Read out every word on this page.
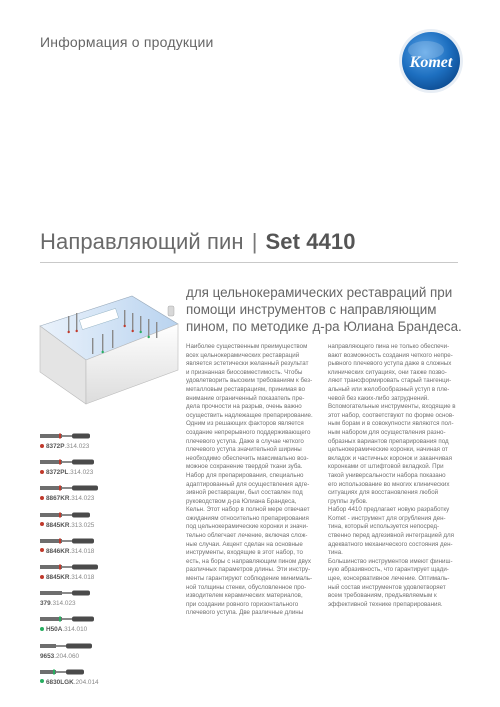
Информация о продукции
Komet
Направляющий пин | Set 4410
для цельнокерамических реставраций при помощи инструментов с направляющим пином, по методике д-ра Юлиана Брандеса.

Наиболее существенным преимуществом

всех цельнокерамических реставраций

является эстетически желанный результат

и признанная биосовместимость. Чтобы

удовлетворить высоким требованиям к без-

металловым реставрациям, принимая во

внимание ограниченный показатель пре-

дела прочности на разрыв, очень важно

осуществить надлежащее препарирование.

Одним из решающих факторов является

создание непрерывного поддерживающего

плечевого уступа. Даже в случае четкого

плечевого уступа значительной ширины

необходимо обеспечить максимально воз-

можное сохранение твердой ткани зуба.

Набор для препарирования, специально

адаптированный для осуществления адге-

зивной реставрации, был составлен под

руководством д-ра Юлиана Брандеса,

Кельн. Этот набор в полной мере отвечает

ожиданиям относительно препарирования

под цельнокерамические коронки и значи-

тельно облегчает лечение, включая слож-

ные случаи. Акцент сделан на основные

инструменты, входящие в этот набор, то

есть, на боры с направляющим пином двух

различных параметров длины. Эти инстру-

менты гарантируют соблюдение минималь-

ной толщины стенки, обусловленное про-

изводителем керамических материалов,

при создании ровного горизонтального

плечевого уступа. Две различные длины

направляющего пина не только обеспечи-

вают возможность создания четкого непре-

рывного плечевого уступа даже в сложных

клинических ситуациях, они также позво-

ляют трансформировать старый тангенци-

альный или желобообразный уступ в пле-

чевой без каких-либо затруднений.

Вспомогательные инструменты, входящие в

этот набор, соответствуют по форме основ-

ным борам и в совокупности являются пол-

ным набором для осуществления разно-

образных вариантов препарирования под

цельнокерамические коронки, начиная от

вкладок и частичных коронок и заканчивая

коронками от штифтовой вкладкой. При

такой универсальности набора показано

его использование во многих клинических

ситуациях для восстановления любой

группы зубов.

Набор 4410 предлагает новую разработку

Komet - инструмент для огрубления ден-

тина, который используется непосред-

ственно перед адгезивной интеграцией для

адекватного механического состояния ден-

тина.

Большинство инструментов имеют финиш-

ную абразивность, что гарантирует щади-

щее, консервативное лечение. Оптималь-

ный состав инструментов удовлетворяет

всем требованиям, предъявляемым к

эффективной технике препарирования.

8372P.314.023
8372PL.314.023
8867KR.314.023
8845KR.313.025
8846KR.314.018
8845KR.314.018
379.314.023
H50A.314.010
9653.204.060
6830LGK.204.014
